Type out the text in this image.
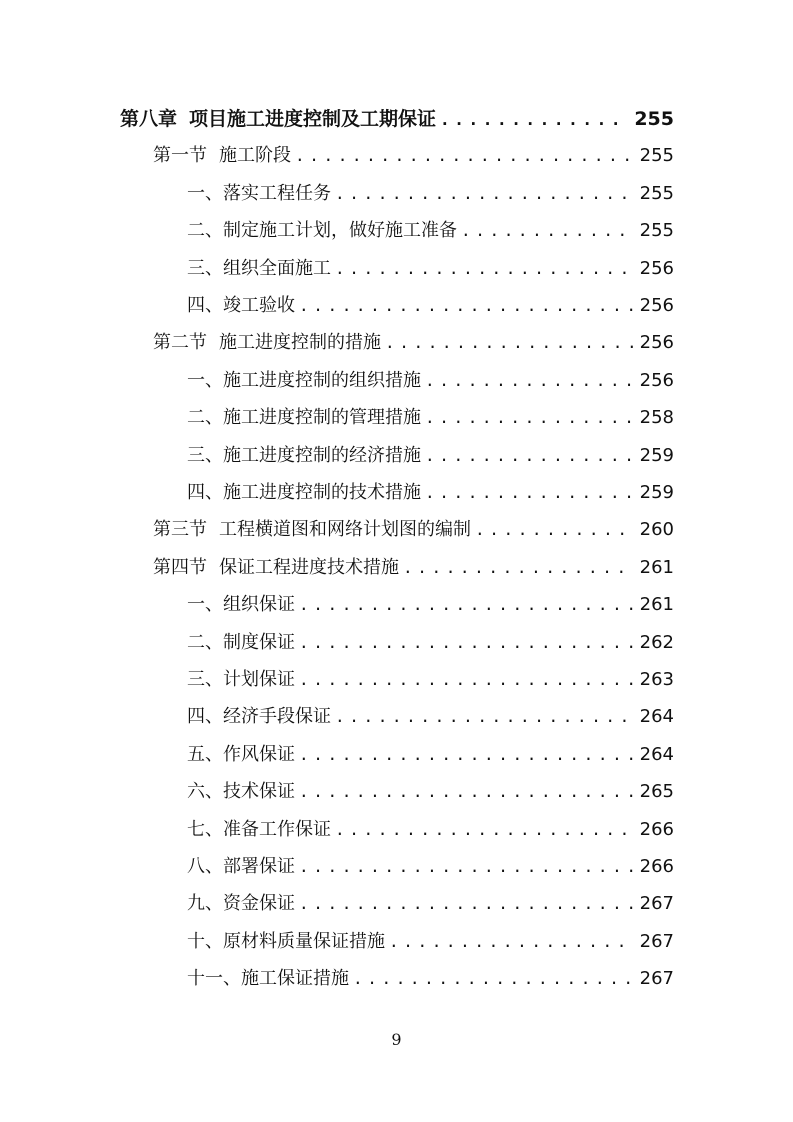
第八章 项目施工进度控制及工期保证 .....	255
第一节 施工阶段 .....	255
一、落实工程任务 .....	255
二、制定施工计划，做好施工准备 .....	255
三、组织全面施工 .....	256
四、竣工验收 .....	256
第二节 施工进度控制的措施 .....	256
一、施工进度控制的组织措施 .....	256
二、施工进度控制的管理措施 .....	258
三、施工进度控制的经济措施 .....	259
四、施工进度控制的技术措施 .....	259
第三节 工程横道图和网络计划图的编制 .....	260
第四节 保证工程进度技术措施 .....	261
一、组织保证 .....	261
二、制度保证 .....	262
三、计划保证 .....	263
四、经济手段保证 .....	264
五、作风保证 .....	264
六、技术保证 .....	265
七、准备工作保证 .....	266
八、部署保证 .....	266
九、资金保证 .....	267
十、原材料质量保证措施 .....	267
十一、施工保证措施 .....	267
9
